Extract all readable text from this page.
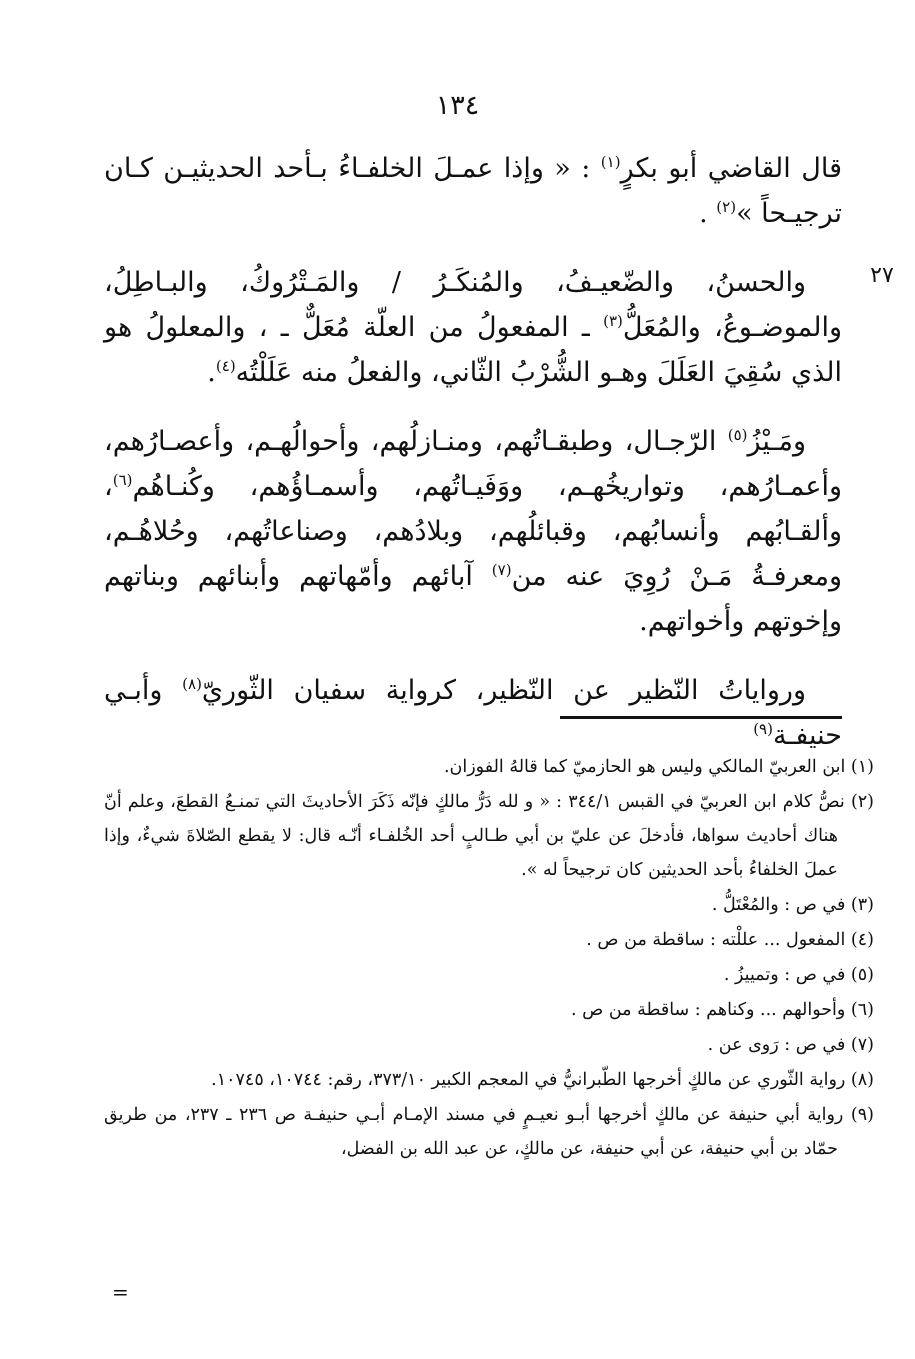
١٣٤
٢٧

قال القاضي أبو بكرٍ$^{(١)}$ : « وإذا عمـلَ الخلفـاءُ بـأحد الحديثيـن كـان ترجيـحاً »$^{(٢)}$ .

والحسنُ، والضّعيـفُ، والمُنكَـرُ / والمَـتْرُوكُ، والبـاطِلُ، والموضـوعُ، والمُعَلُّ$^{(٣)}$ ـ المفعولُ من العلّة مُعَلٌّ ـ ، والمعلولُ هو الذي سُقِيَ العَلَلَ وهـو الشُّرْبُ الثّاني، والفعلُ منه عَلَلْتُه$^{(٤)}$.

ومَـيْزُ$^{(٥)}$ الرّجـال، وطبقـاتُهم، ومنـازلُهم، وأحوالُهـم، وأعصـارُهم، وأعمـارُهم، وتواريخُهـم، ووَفَيـاتُهم، وأسمـاؤُهم، وكُنـاهُم$^{(٦)}$، وألقـابُهم وأنسابُهم، وقبائلُهم، وبلادُهم، وصناعاتُهم، وحُلاهُـم، ومعرفـةُ مَـنْ رُوِيَ عنه من$^{(٧)}$ آبائهم وأمّهاتهم وأبنائهم وبناتهم وإخوتهم وأخواتهم.

ورواياتُ النّظير عن النّظير، كرواية سفيان الثّوريّ$^{(٨)}$ وأبـي حنيفـة$^{(٩)}$

(١) ابن العربيّ المالكي وليس هو الحازميّ كما قالهُ الفوزان.
(٢) نصُّ كلام ابن العربيّ في القبس ٣٤٤/١ : « و لله دَرُّ مالكٍ فإنّه ذَكَرَ الأحاديثَ التي تمنـعُ القطعَ، وعلم أنّ هناك أحاديث سواها، فأدخلَ عن عليّ بن أبي طـالبٍ أحد الخُلفـاء أنّـه قال: لا يقطع الصّلاةَ شيءٌ، وإذا عملَ الخلفاءُ بأحد الحديثين كان ترجيحاً له ».
(٣) في ص : والمُعْتَلُّ .
(٤) المفعول ... عللْته : ساقطة من ص .
(٥) في ص : وتمييزُ .
(٦) وأحوالهم ... وكناهم : ساقطة من ص .
(٧) في ص : رَوى عن .
(٨) رواية الثّوري عن مالكٍ أخرجها الطّبرانيُّ في المعجم الكبير ٣٧٣/١٠، رقم: ١٠٧٤٤، ١٠٧٤٥.
(٩) رواية أبي حنيفة عن مالكٍ أخرجها أبـو نعيـمٍ في مسند الإمـام أبـي حنيفـة ص ٢٣٦ ـ ٢٣٧، من طريق حمّاد بن أبي حنيفة، عن أبي حنيفة، عن مالكٍ، عن عبد الله بن الفضل،
=
